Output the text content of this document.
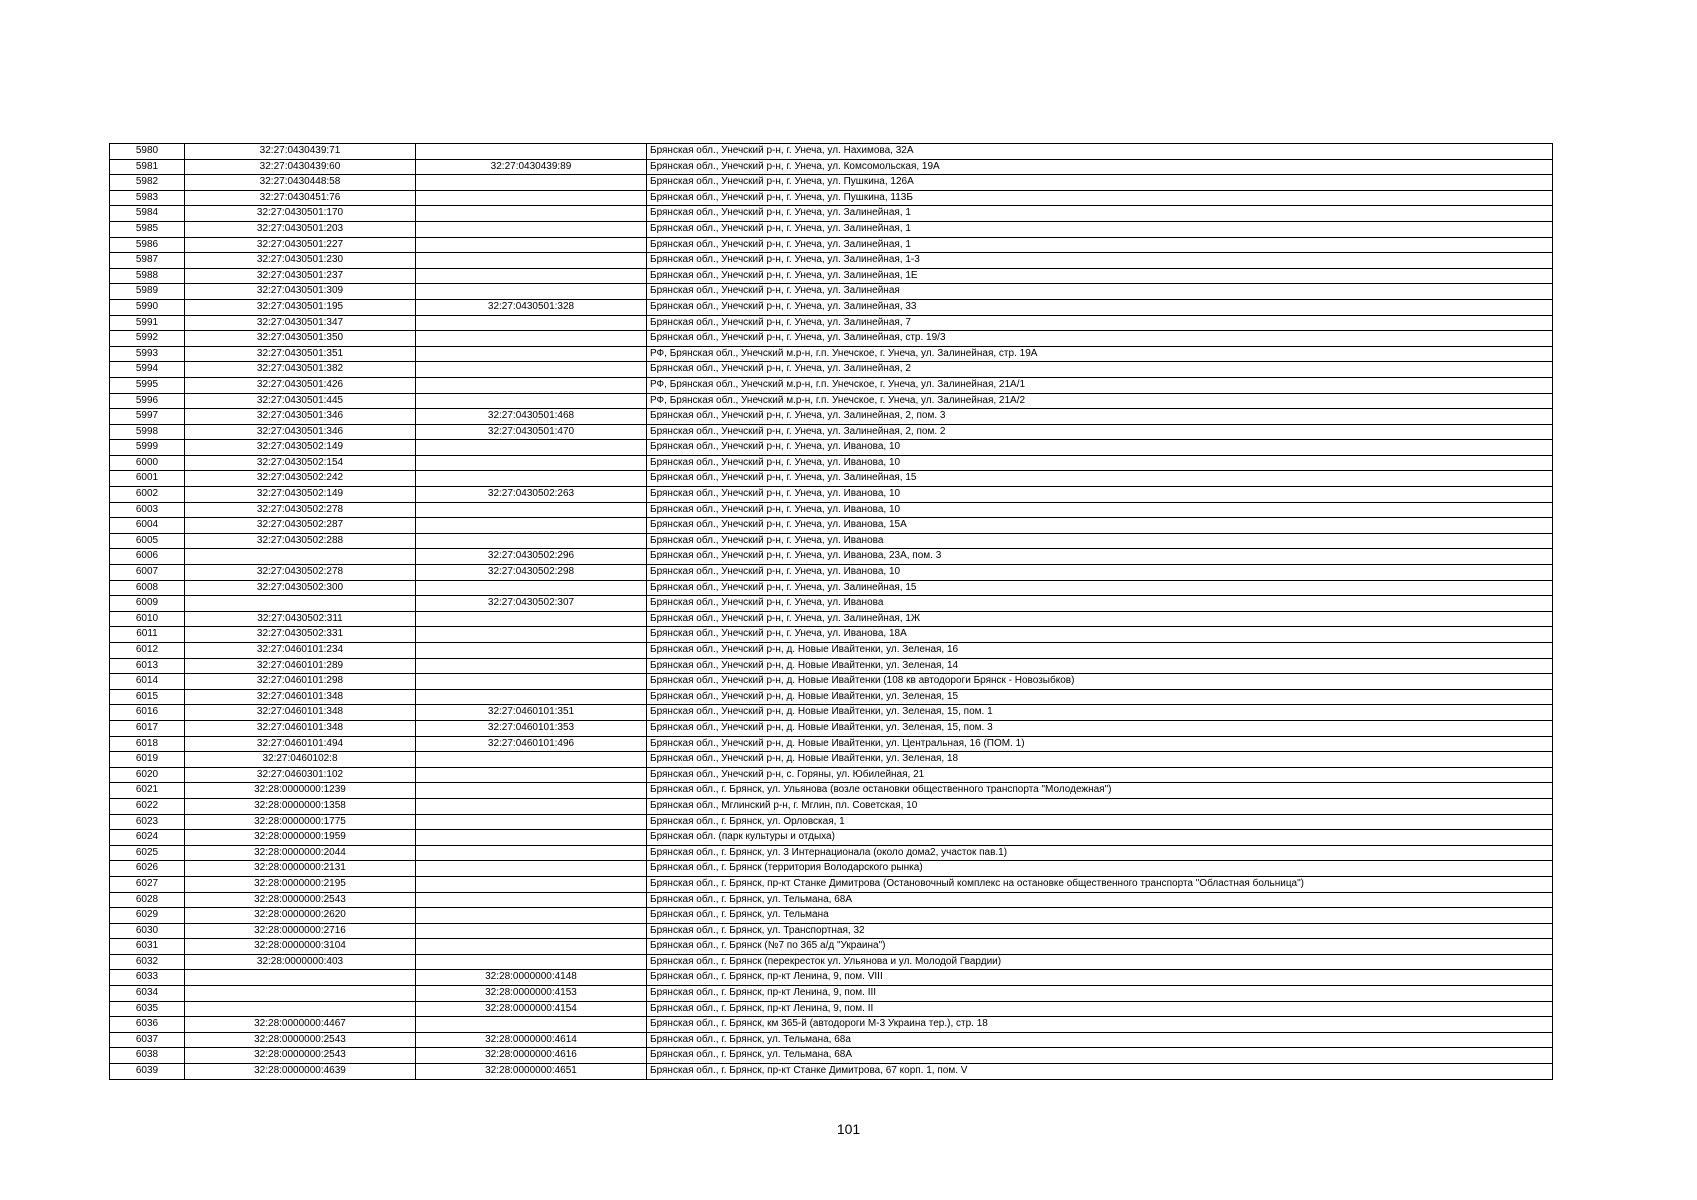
5980	32:27:0430439:71		Брянская обл., Унечский р-н, г. Унеча, ул. Нахимова, 32А
5981	32:27:0430439:60	32:27:0430439:89	Брянская обл., Унечский р-н, г. Унеча, ул. Комсомольская, 19А
5982	32:27:0430448:58		Брянская обл., Унечский р-н, г. Унеча, ул. Пушкина, 126А
5983	32:27:0430451:76		Брянская обл., Унечский р-н, г. Унеча, ул. Пушкина, 113Б
5984	32:27:0430501:170		Брянская обл., Унечский р-н, г. Унеча, ул. Залинейная, 1
5985	32:27:0430501:203		Брянская обл., Унечский р-н, г. Унеча, ул. Залинейная, 1
5986	32:27:0430501:227		Брянская обл., Унечский р-н, г. Унеча, ул. Залинейная, 1
5987	32:27:0430501:230		Брянская обл., Унечский р-н, г. Унеча, ул. Залинейная, 1-3
5988	32:27:0430501:237		Брянская обл., Унечский р-н, г. Унеча, ул. Залинейная, 1Е
5989	32:27:0430501:309		Брянская обл., Унечский р-н, г. Унеча, ул. Залинейная
5990	32:27:0430501:195	32:27:0430501:328	Брянская обл., Унечский р-н, г. Унеча, ул. Залинейная, 33
5991	32:27:0430501:347		Брянская обл., Унечский р-н, г. Унеча, ул. Залинейная, 7
5992	32:27:0430501:350		Брянская обл., Унечский р-н, г. Унеча, ул. Залинейная, стр. 19/3
5993	32:27:0430501:351		РФ, Брянская обл., Унечский м.р-н, г.п. Унечское, г. Унеча, ул. Залинейная, стр. 19А
5994	32:27:0430501:382		Брянская обл., Унечский р-н, г. Унеча, ул. Залинейная, 2
5995	32:27:0430501:426		РФ, Брянская обл., Унечский м.р-н, г.п. Унечское, г. Унеча, ул. Залинейная, 21А/1
5996	32:27:0430501:445		РФ, Брянская обл., Унечский м.р-н, г.п. Унечское, г. Унеча, ул. Залинейная, 21А/2
5997	32:27:0430501:346	32:27:0430501:468	Брянская обл., Унечский р-н, г. Унеча, ул. Залинейная, 2, пом. 3
5998	32:27:0430501:346	32:27:0430501:470	Брянская обл., Унечский р-н, г. Унеча, ул. Залинейная, 2, пом. 2
5999	32:27:0430502:149		Брянская обл., Унечский р-н, г. Унеча, ул. Иванова, 10
6000	32:27:0430502:154		Брянская обл., Унечский р-н, г. Унеча, ул. Иванова, 10
6001	32:27:0430502:242		Брянская обл., Унечский р-н, г. Унеча, ул. Залинейная, 15
6002	32:27:0430502:149	32:27:0430502:263	Брянская обл., Унечский р-н, г. Унеча, ул. Иванова, 10
6003	32:27:0430502:278		Брянская обл., Унечский р-н, г. Унеча, ул. Иванова, 10
6004	32:27:0430502:287		Брянская обл., Унечский р-н, г. Унеча, ул. Иванова, 15А
6005	32:27:0430502:288		Брянская обл., Унечский р-н, г. Унеча, ул. Иванова
6006		32:27:0430502:296	Брянская обл., Унечский р-н, г. Унеча, ул. Иванова, 23А, пом. 3
6007	32:27:0430502:278	32:27:0430502:298	Брянская обл., Унечский р-н, г. Унеча, ул. Иванова, 10
6008	32:27:0430502:300		Брянская обл., Унечский р-н, г. Унеча, ул. Залинейная, 15
6009		32:27:0430502:307	Брянская обл., Унечский р-н, г. Унеча, ул. Иванова
6010	32:27:0430502:311		Брянская обл., Унечский р-н, г. Унеча, ул. Залинейная, 1Ж
6011	32:27:0430502:331		Брянская обл., Унечский р-н, г. Унеча, ул. Иванова, 18А
6012	32:27:0460101:234		Брянская обл., Унечский р-н, д. Новые Ивайтенки, ул. Зеленая, 16
6013	32:27:0460101:289		Брянская обл., Унечский р-н, д. Новые Ивайтенки, ул. Зеленая, 14
6014	32:27:0460101:298		Брянская обл., Унечский р-н, д. Новые Ивайтенки (108 кв автодороги Брянск - Новозыбков)
6015	32:27:0460101:348		Брянская обл., Унечский р-н, д. Новые Ивайтенки, ул. Зеленая, 15
6016	32:27:0460101:348	32:27:0460101:351	Брянская обл., Унечский р-н, д. Новые Ивайтенки, ул. Зеленая, 15, пом. 1
6017	32:27:0460101:348	32:27:0460101:353	Брянская обл., Унечский р-н, д. Новые Ивайтенки, ул. Зеленая, 15, пом. 3
6018	32:27:0460101:494	32:27:0460101:496	Брянская обл., Унечский р-н, д. Новые Ивайтенки, ул. Центральная, 16 (ПОМ. 1)
6019	32:27:0460102:8		Брянская обл., Унечский р-н, д. Новые Ивайтенки, ул. Зеленая, 18
6020	32:27:0460301:102		Брянская обл., Унечский р-н, с. Горяны, ул. Юбилейная, 21
6021	32:28:0000000:1239		Брянская обл., г. Брянск, ул. Ульянова (возле остановки общественного транспорта "Молодежная")
6022	32:28:0000000:1358		Брянская обл., Мглинский р-н, г. Мглин, пл. Советская, 10
6023	32:28:0000000:1775		Брянская обл., г. Брянск, ул. Орловская, 1
6024	32:28:0000000:1959		Брянская обл. (парк культуры и отдыха)
6025	32:28:0000000:2044		Брянская обл., г. Брянск, ул. 3 Интернационала (около дома2, участок пав.1)
6026	32:28:0000000:2131		Брянская обл., г. Брянск (территория Володарского рынка)
6027	32:28:0000000:2195		Брянская обл., г. Брянск, пр-кт Станке Димитрова (Остановочный комплекс на остановке общественного транспорта "Областная больница")
6028	32:28:0000000:2543		Брянская обл., г. Брянск, ул. Тельмана, 68А
6029	32:28:0000000:2620		Брянская обл., г. Брянск, ул. Тельмана
6030	32:28:0000000:2716		Брянская обл., г. Брянск, ул. Транспортная, 32
6031	32:28:0000000:3104		Брянская обл., г. Брянск (№7 по 365 а/д "Украина")
6032	32:28:0000000:403		Брянская обл., г. Брянск (перекресток ул. Ульянова и ул. Молодой Гвардии)
6033		32:28:0000000:4148	Брянская обл., г. Брянск, пр-кт Ленина, 9, пом. VIII
6034		32:28:0000000:4153	Брянская обл., г. Брянск, пр-кт Ленина, 9, пом. III
6035		32:28:0000000:4154	Брянская обл., г. Брянск, пр-кт Ленина, 9, пом. II
6036	32:28:0000000:4467		Брянская обл., г. Брянск, км 365-й (автодороги М-3 Украина тер.), стр. 18
6037	32:28:0000000:2543	32:28:0000000:4614	Брянская обл., г. Брянск, ул. Тельмана, 68а
6038	32:28:0000000:2543	32:28:0000000:4616	Брянская обл., г. Брянск, ул. Тельмана, 68А
6039	32:28:0000000:4639	32:28:0000000:4651	Брянская обл., г. Брянск, пр-кт Станке Димитрова, 67 корп. 1, пом. V
101
